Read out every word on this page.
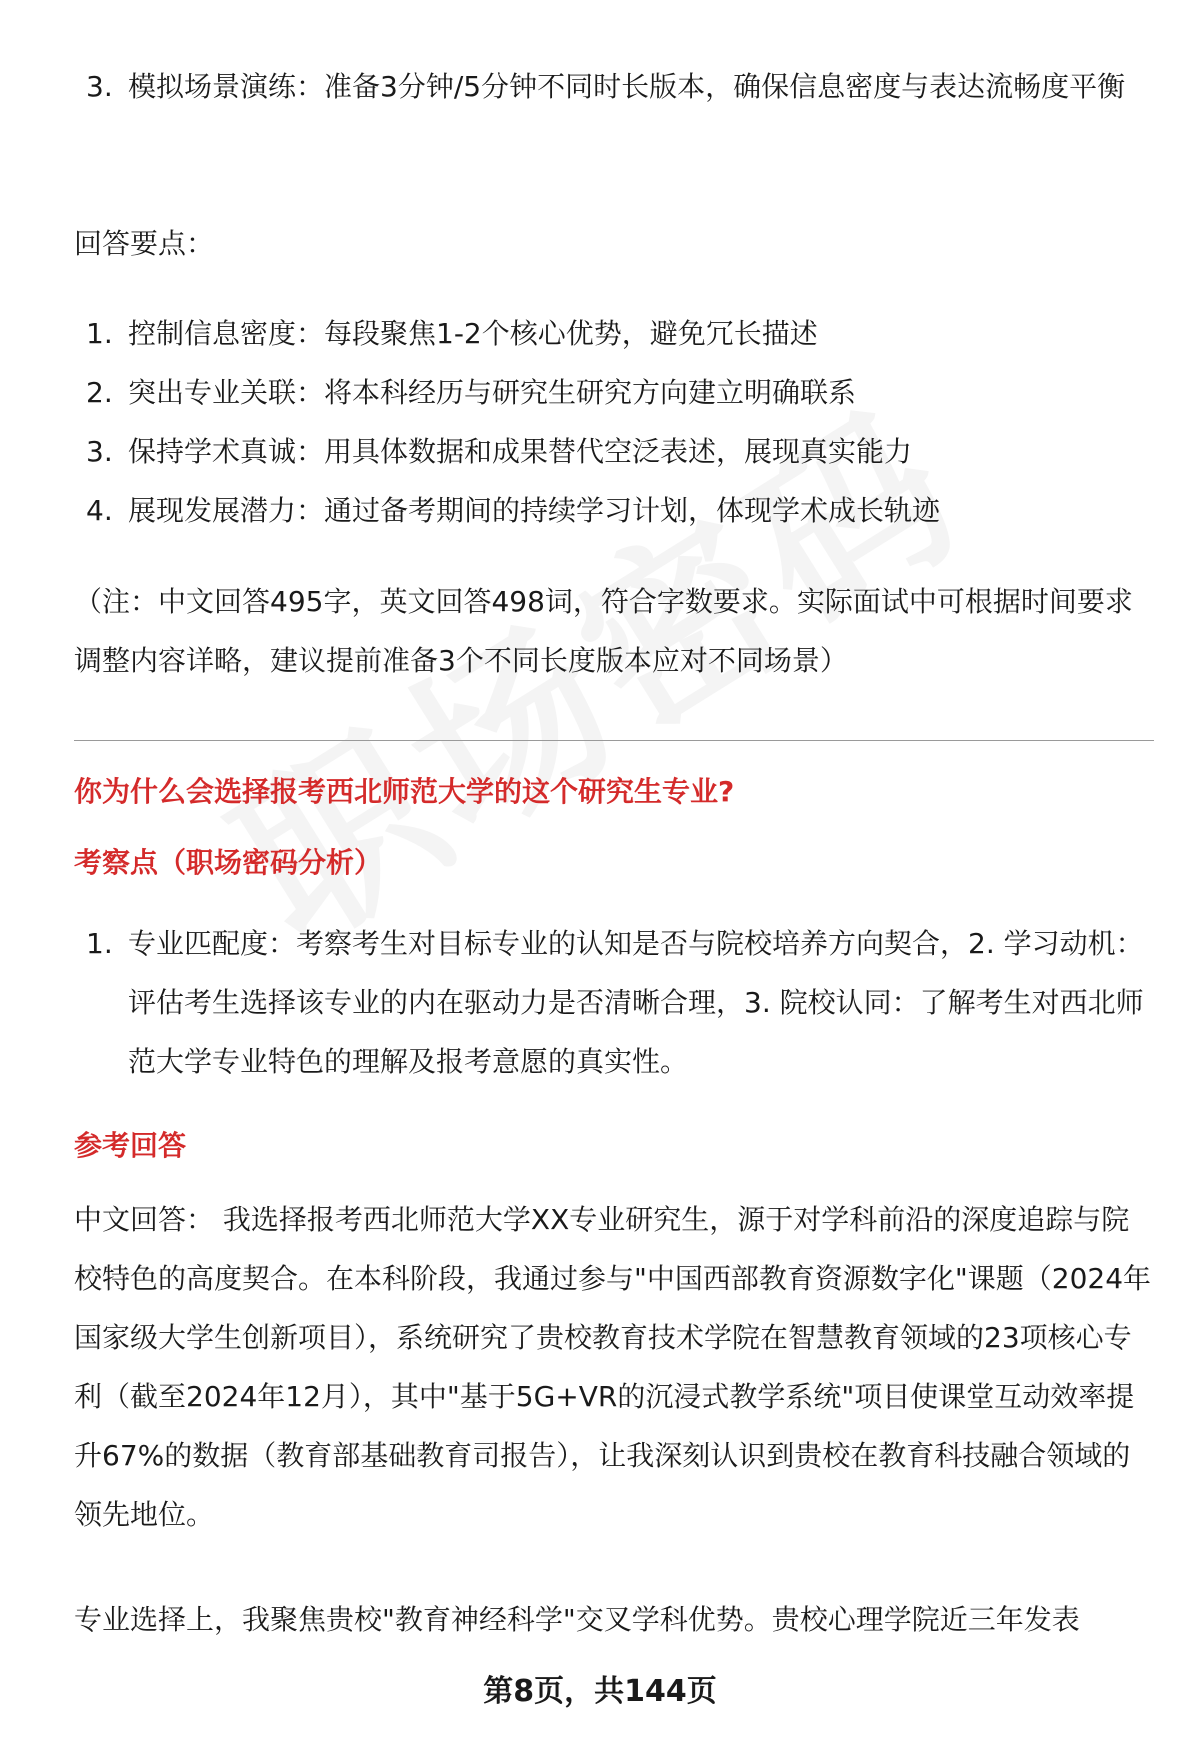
3. 模拟场景演练：准备3分钟/5分钟不同时长版本，确保信息密度与表达流畅度平衡

回答要点：

1. 控制信息密度：每段聚焦1-2个核心优势，避免冗长描述
2. 突出专业关联：将本科经历与研究生研究方向建立明确联系
3. 保持学术真诚：用具体数据和成果替代空泛表述，展现真实能力
4. 展现发展潜力：通过备考期间的持续学习计划，体现学术成长轨迹

（注：中文回答495字，英文回答498词，符合字数要求。实际面试中可根据时间要求调整内容详略，建议提前准备3个不同长度版本应对不同场景）

你为什么会选择报考西北师范大学的这个研究生专业?

考察点（职场密码分析）

1. 专业匹配度：考察考生对目标专业的认知是否与院校培养方向契合，2. 学习动机：评估考生选择该专业的内在驱动力是否清晰合理，3. 院校认同：了解考生对西北师范大学专业特色的理解及报考意愿的真实性。

参考回答

中文回答： 我选择报考西北师范大学XX专业研究生，源于对学科前沿的深度追踪与院校特色的高度契合。在本科阶段，我通过参与"中国西部教育资源数字化"课题（2024年国家级大学生创新项目），系统研究了贵校教育技术学院在智慧教育领域的23项核心专利（截至2024年12月），其中"基于5G+VR的沉浸式教学系统"项目使课堂互动效率提升67%的数据（教育部基础教育司报告），让我深刻认识到贵校在教育科技融合领域的领先地位。

专业选择上，我聚焦贵校"教育神经科学"交叉学科优势。贵校心理学院近三年发表

第8页，共144页
